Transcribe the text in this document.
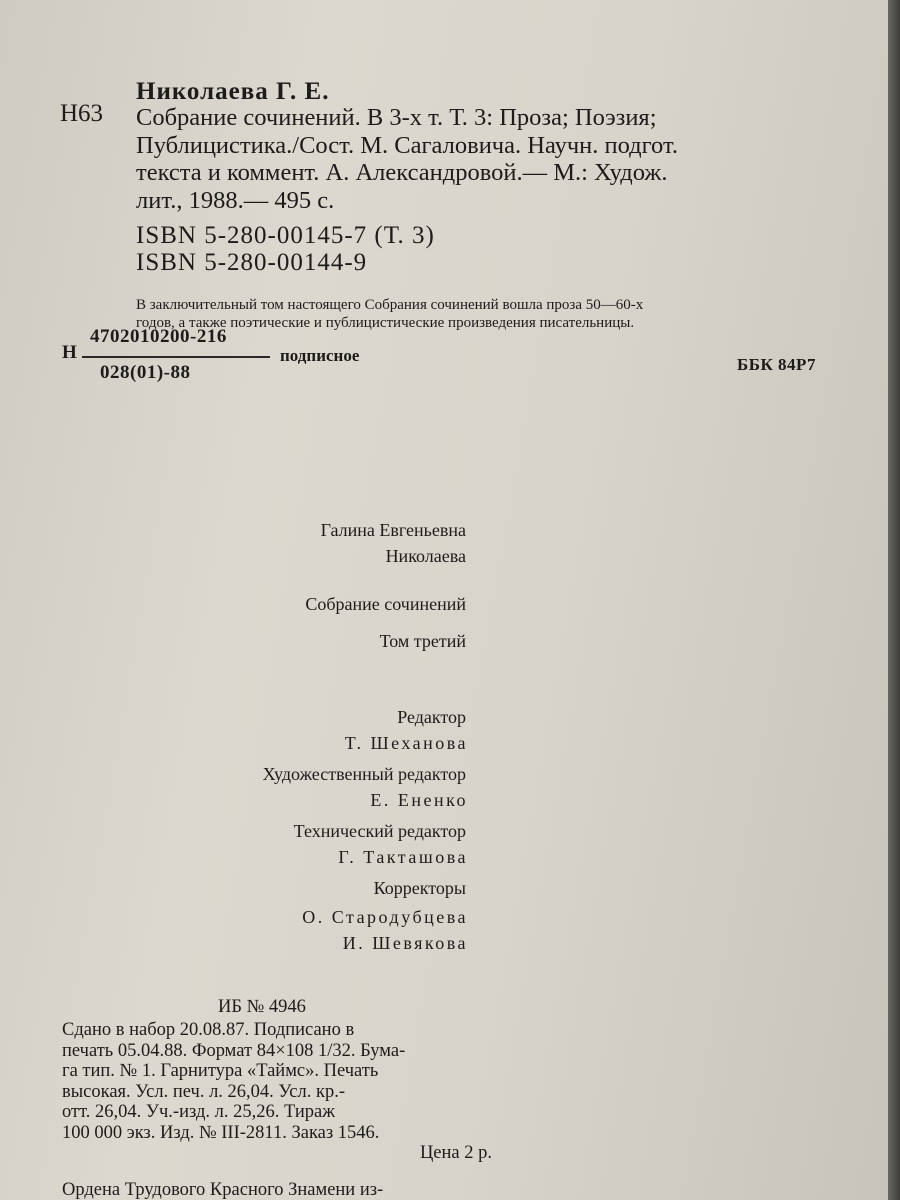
Николаева Г. Е.
Н63 Собрание сочинений. В 3-х т. Т. 3: Проза; Поэзия;
Публицистика./Сост. М. Сагаловича. Научн. подгот.
текста и коммент. А. Александровой.— М.: Худож.
лит., 1988.— 495 с.
ISBN 5-280-00145-7 (Т. 3)
ISBN 5-280-00144-9
В заключительный том настоящего Собрания сочинений вошла проза 50—60-х
годов, а также поэтические и публицистические произведения писательницы.
Н
4702010200-216
028(01)-88
подписное	ББК 84Р7
Галина Евгеньевна
Николаева
Собрание сочинений
Том третий
Редактор
Т. Шеханова
Художественный редактор
Е. Ененко
Технический редактор
Г. Такташова
Корректоры
О. Стародубцева
И. Шевякова
ИБ № 4946
Сдано в набор 20.08.87. Подписано в
печать 05.04.88. Формат 84×108 1/32. Бума-
га тип. № 1. Гарнитура «Таймс». Печать
высокая. Усл. печ. л. 26,04. Усл. кр.-
отт. 26,04. Уч.-изд. л. 25,26. Тираж
100 000 экз. Изд. № III-2811. Заказ 1546.
Цена 2 р.
Ордена Трудового Красного Знамени из-
